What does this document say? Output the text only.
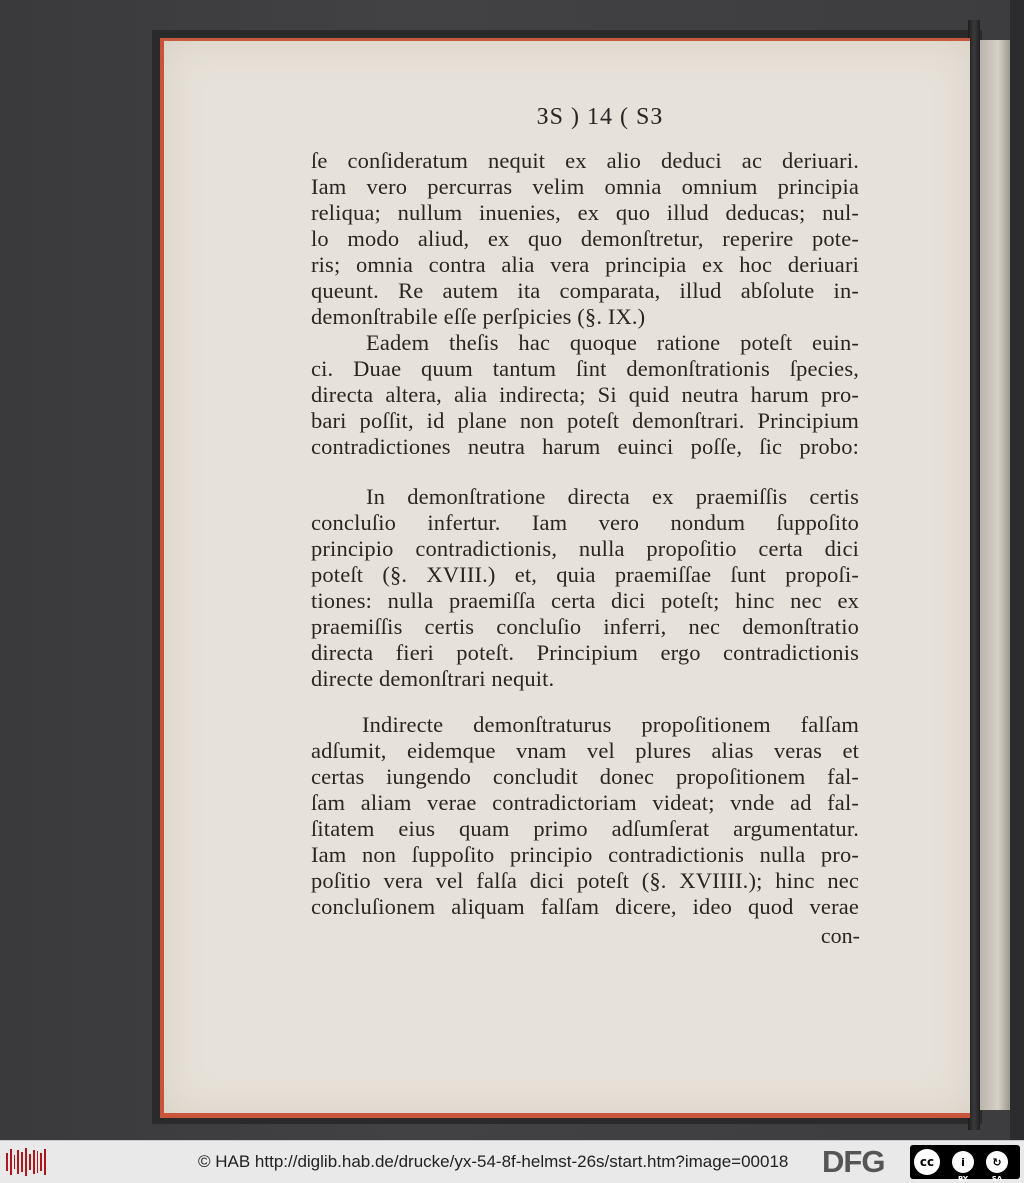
ЗЅ ) 14 ( ЅЗ
ſe conſideratum nequit ex alio deduci ac deriuari.
Iam vero percurras velim omnia omnium principia
reliqua; nullum inuenies, ex quo illud deducas; nul-
lo modo aliud, ex quo demonſtretur, reperire pote-
ris; omnia contra alia vera principia ex hoc deriuari
queunt. Re autem ita comparata, illud abſolute in-
demonſtrabile eſſe perſpicies (§. IX.)
Eadem theſis hac quoque ratione poteſt euin-
ci. Duae quum tantum ſint demonſtrationis ſpecies,
directa altera, alia indirecta; Si quid neutra harum pro-
bari poſſit, id plane non poteſt demonſtrari. Principium
contradictiones neutra harum euinci poſſe, ſic probo:
In demonſtratione directa ex praemiſſis certis
concluſio infertur. Iam vero nondum ſuppoſito
principio contradictionis, nulla propoſitio certa dici
poteſt (§. XVIII.) et, quia praemiſſae ſunt propoſi-
tiones: nulla praemiſſa certa dici poteſt; hinc nec ex
praemiſſis certis concluſio inferri, nec demonſtratio
directa fieri poteſt. Principium ergo contradictionis
directe demonſtrari nequit.
Indirecte demonſtraturus propoſitionem falſam
adſumit, eidemque vnam vel plures alias veras et
certas iungendo concludit donec propoſitionem fal-
ſam aliam verae contradictoriam videat; vnde ad fal-
ſitatem eius quam primo adſumſerat argumentatur.
Iam non ſuppoſito principio contradictionis nulla pro-
poſitio vera vel falſa dici poteſt (§. XVIIII.); hinc nec
concluſionem aliquam falſam dicere, ideo quod verae
con-
© HAB http://diglib.hab.de/drucke/yx-54-8f-helmst-26s/start.htm?image=00018 DFG	cc	i
BY
↻
SA
